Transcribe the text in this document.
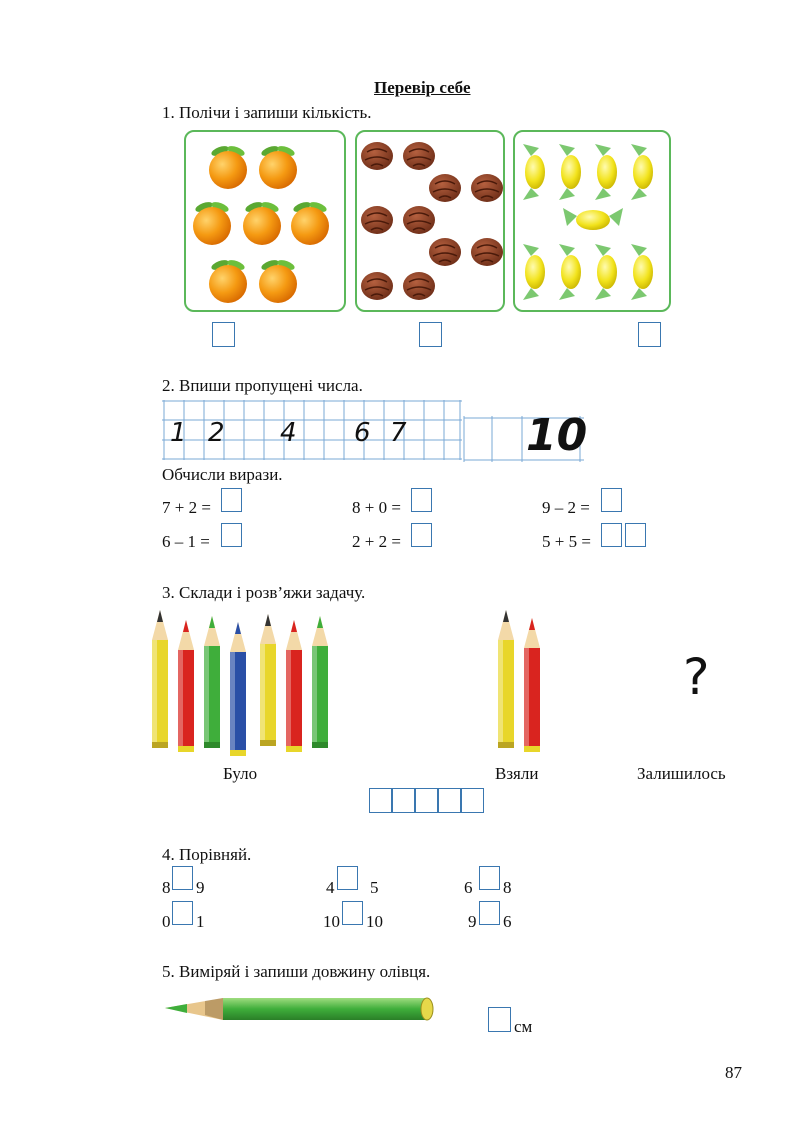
Перевір себе
1. Полічи і запиши кількість.
2. Впиши пропущені числа.
1 2 4 6 7	10
Обчисли вирази.
7 + 2 =	8 + 0 =	9 – 2 =
6 – 1 =	2 + 2 =	5 + 5 =
3. Склади і розв’яжи задачу.
?
Було	Взяли	Залишилось
4. Порівняй.
8 9	4 5	6 8
0 1	10 10	9 6
5. Виміряй і запиши довжину олівця.
см
87
